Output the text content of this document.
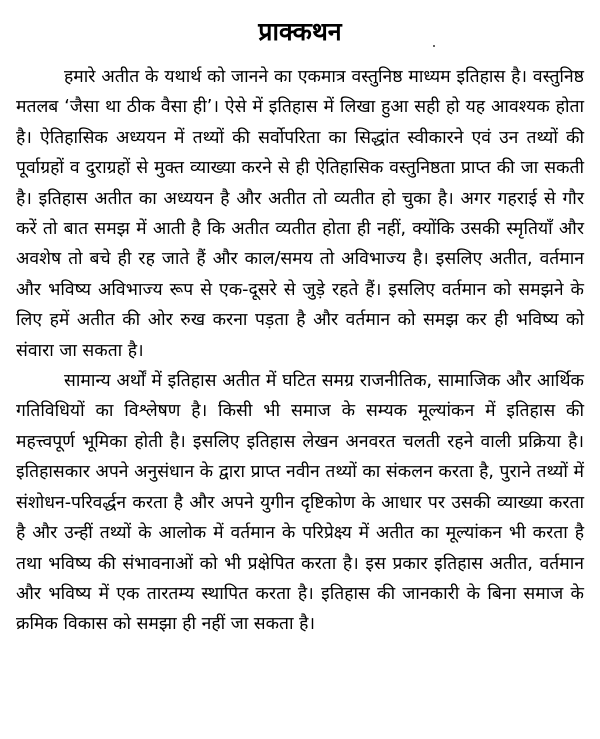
प्राक्कथन

हमारे अतीत के यथार्थ को जानने का एकमात्र वस्तुनिष्ठ माध्यम इतिहास है। वस्तुनिष्ठ मतलब ‘जैसा था ठीक वैसा ही’। ऐसे में इतिहास में लिखा हुआ सही हो यह आवश्यक होता है। ऐतिहासिक अध्ययन में तथ्यों की सर्वोपरिता का सिद्धांत स्वीकारने एवं उन तथ्यों की पूर्वाग्रहों व दुराग्रहों से मुक्त व्याख्या करने से ही ऐतिहासिक वस्तुनिष्ठता प्राप्त की जा सकती है। इतिहास अतीत का अध्ययन है और अतीत तो व्यतीत हो चुका है। अगर गहराई से गौर करें तो बात समझ में आती है कि अतीत व्यतीत होता ही नहीं, क्योंकि उसकी स्मृतियाँ और अवशेष तो बचे ही रह जाते हैं और काल/समय तो अविभाज्य है। इसलिए अतीत, वर्तमान और भविष्य अविभाज्य रूप से एक-दूसरे से जुड़े रहते हैं। इसलिए वर्तमान को समझने के लिए हमें अतीत की ओर रुख करना पड़ता है और वर्तमान को समझ कर ही भविष्य को संवारा जा सकता है।

सामान्य अर्थों में इतिहास अतीत में घटित समग्र राजनीतिक, सामाजिक और आर्थिक गतिविधियों का विश्लेषण है। किसी भी समाज के सम्यक मूल्यांकन में इतिहास की महत्त्वपूर्ण भूमिका होती है। इसलिए इतिहास लेखन अनवरत चलती रहने वाली प्रक्रिया है। इतिहासकार अपने अनुसंधान के द्वारा प्राप्त नवीन तथ्यों का संकलन करता है, पुराने तथ्यों में संशोधन-परिवर्द्धन करता है और अपने युगीन दृष्टिकोण के आधार पर उसकी व्याख्या करता है और उन्हीं तथ्यों के आलोक में वर्तमान के परिप्रेक्ष्य में अतीत का मूल्यांकन भी करता है तथा भविष्य की संभावनाओं को भी प्रक्षेपित करता है। इस प्रकार इतिहास अतीत, वर्तमान और भविष्य में एक तारतम्य स्थापित करता है। इतिहास की जानकारी के बिना समाज के क्रमिक विकास को समझा ही नहीं जा सकता है।
